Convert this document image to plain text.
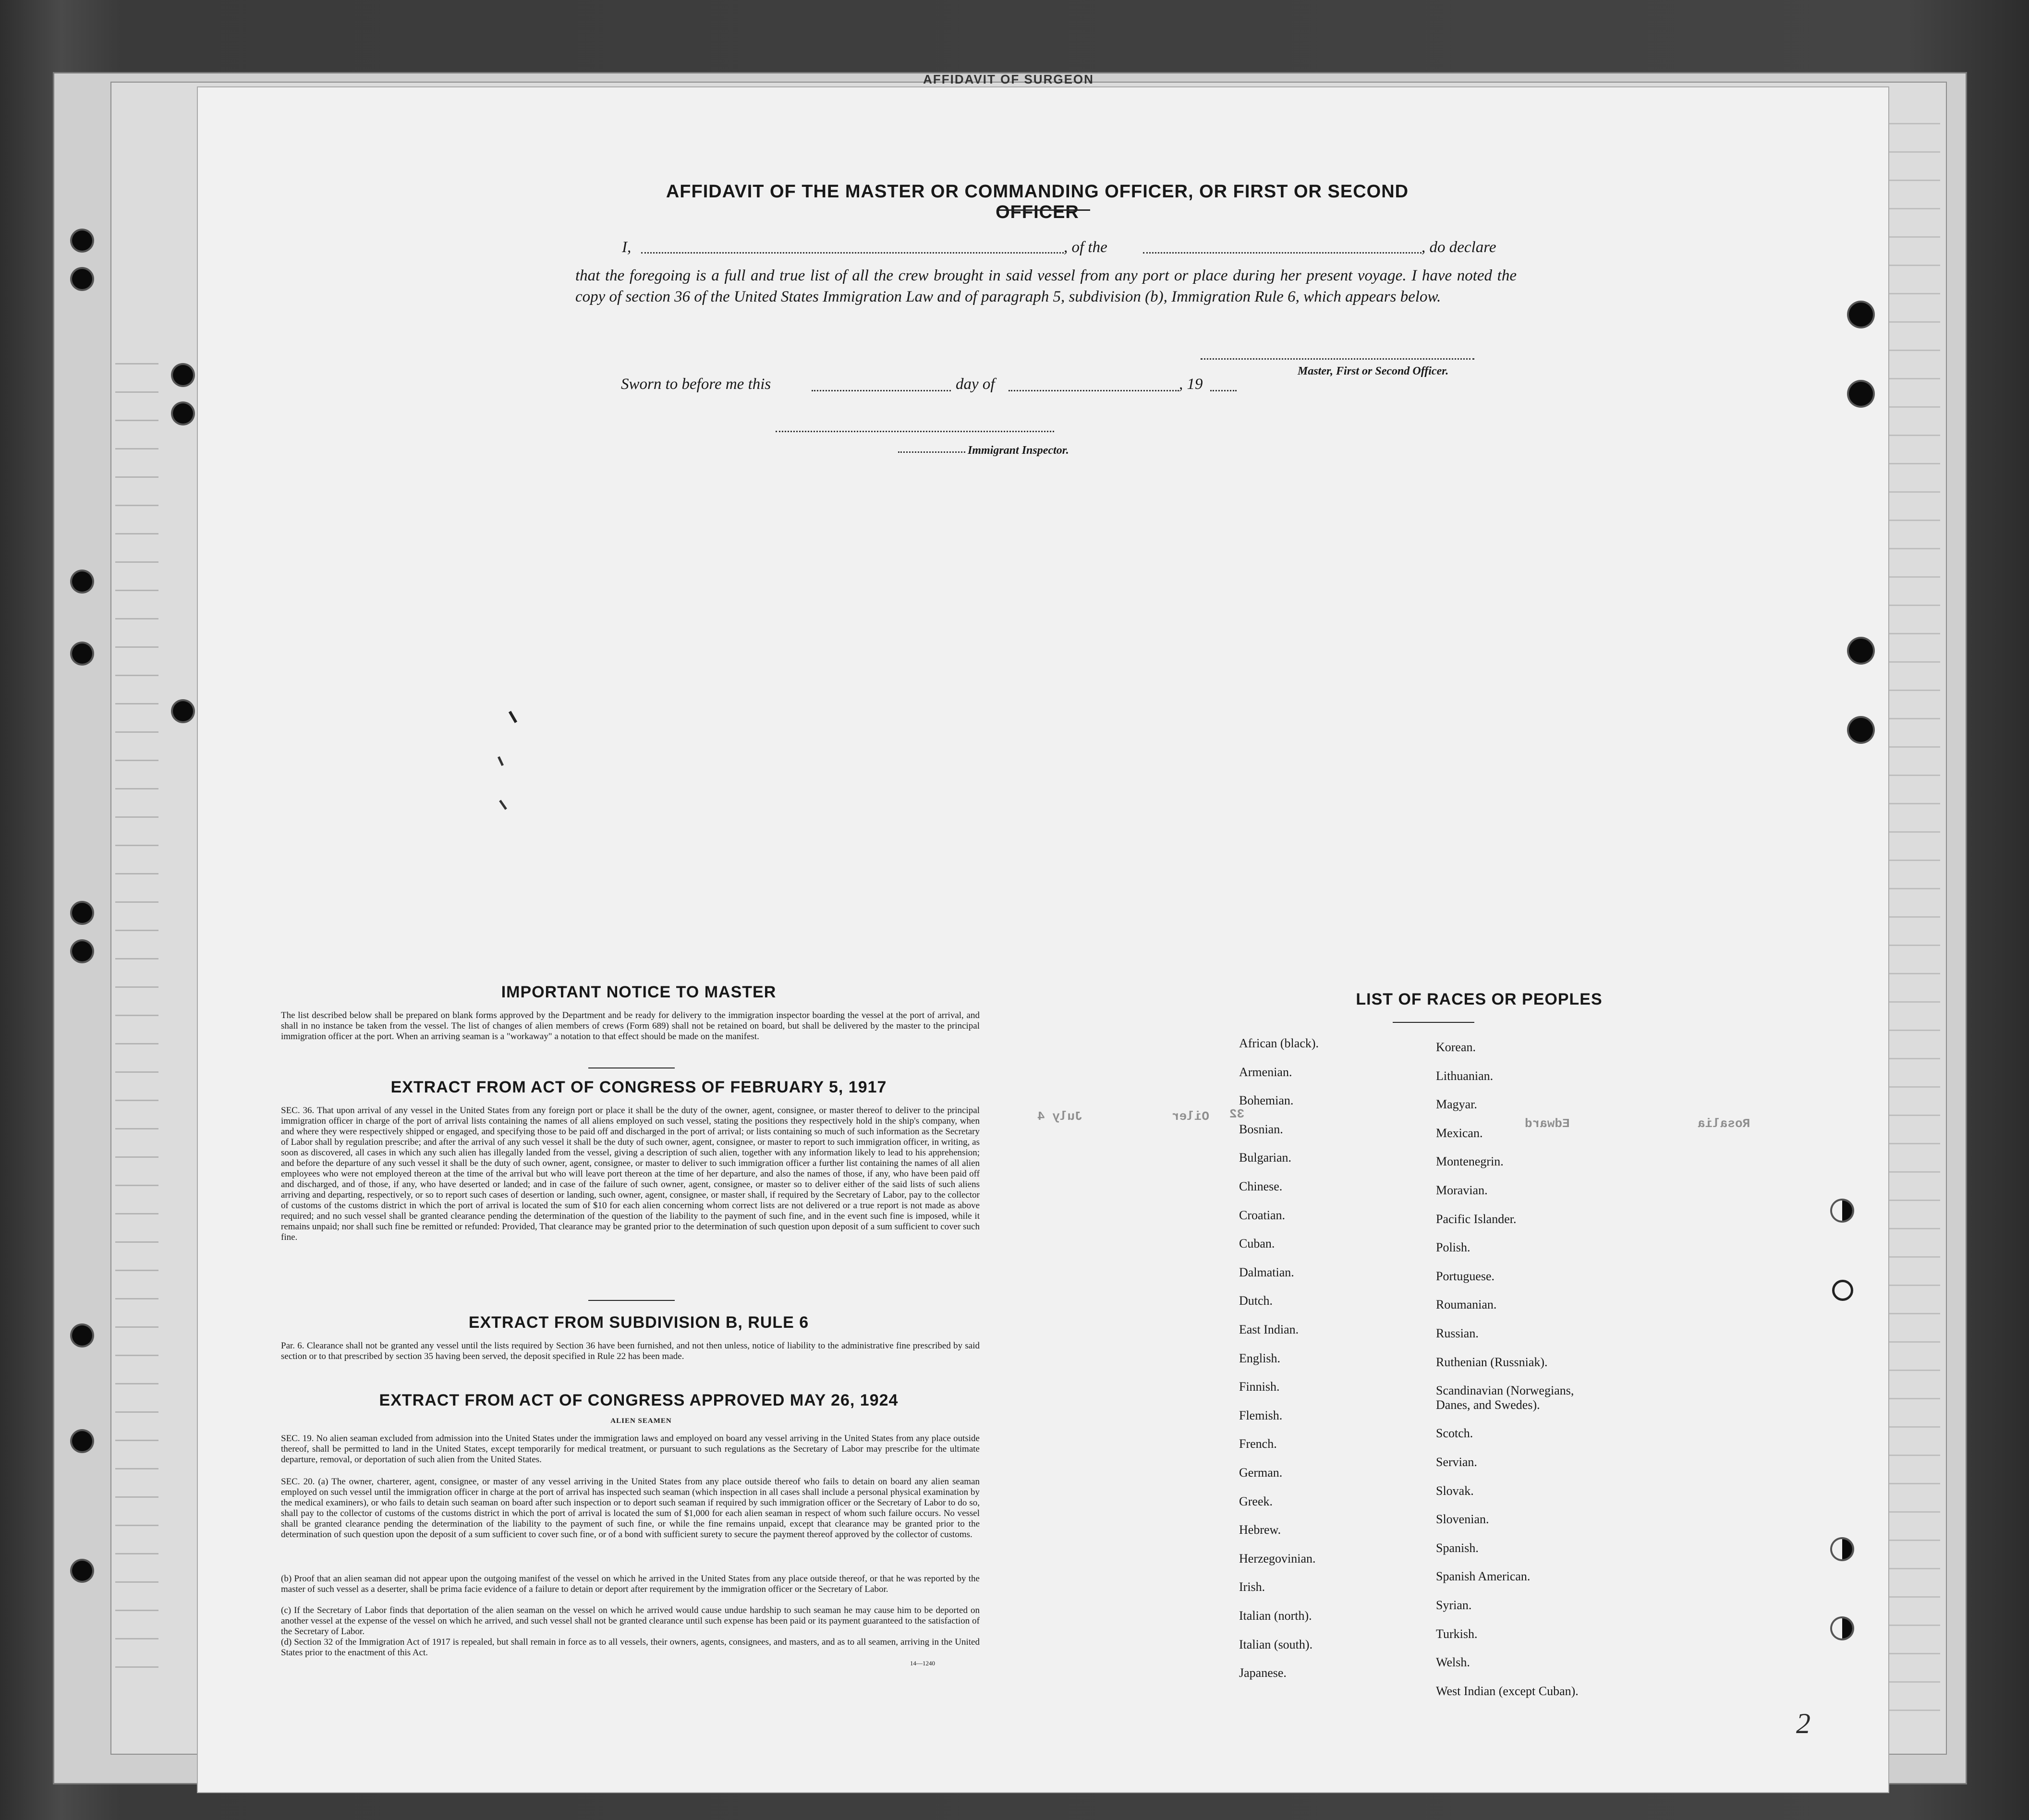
AFFIDAVIT OF SURGEON
AFFIDAVIT OF THE MASTER OR COMMANDING OFFICER, OR FIRST OR SECOND OFFICER
I,	, of the	, do declare
that the foregoing is a full and true list of all the crew brought in said vessel from any port or place during her present voyage. I have noted the copy of section 36 of the United States Immigration Law and of paragraph 5, subdivision (b), Immigration Rule 6, which appears below.
Master, First or Second Officer.
Sworn to before me this	day of	, 19
Immigrant Inspector.
IMPORTANT NOTICE TO MASTER
The list described below shall be prepared on blank forms approved by the Department and be ready for delivery to the immigration inspector boarding the vessel at the port of arrival, and shall in no instance be taken from the vessel. The list of changes of alien members of crews (Form 689) shall not be retained on board, but shall be delivered by the master to the principal immigration officer at the port. When an arriving seaman is a "workaway" a notation to that effect should be made on the manifest.
EXTRACT FROM ACT OF CONGRESS OF FEBRUARY 5, 1917
SEC. 36. That upon arrival of any vessel in the United States from any foreign port or place it shall be the duty of the owner, agent, consignee, or master thereof to deliver to the principal immigration officer in charge of the port of arrival lists containing the names of all aliens employed on such vessel, stating the positions they respectively hold in the ship's company, when and where they were respectively shipped or engaged, and specifying those to be paid off and discharged in the port of arrival; or lists containing so much of such information as the Secretary of Labor shall by regulation prescribe; and after the arrival of any such vessel it shall be the duty of such owner, agent, consignee, or master to report to such immigration officer, in writing, as soon as discovered, all cases in which any such alien has illegally landed from the vessel, giving a description of such alien, together with any information likely to lead to his apprehension; and before the departure of any such vessel it shall be the duty of such owner, agent, consignee, or master to deliver to such immigration officer a further list containing the names of all alien employees who were not employed thereon at the time of the arrival but who will leave port thereon at the time of her departure, and also the names of those, if any, who have been paid off and discharged, and of those, if any, who have deserted or landed; and in case of the failure of such owner, agent, consignee, or master so to deliver either of the said lists of such aliens arriving and departing, respectively, or so to report such cases of desertion or landing, such owner, agent, consignee, or master shall, if required by the Secretary of Labor, pay to the collector of customs of the customs district in which the port of arrival is located the sum of $10 for each alien concerning whom correct lists are not delivered or a true report is not made as above required; and no such vessel shall be granted clearance pending the determination of the question of the liability to the payment of such fine, and in the event such fine is imposed, while it remains unpaid; nor shall such fine be remitted or refunded: Provided, That clearance may be granted prior to the determination of such question upon deposit of a sum sufficient to cover such fine.
EXTRACT FROM SUBDIVISION B, RULE 6
Par. 6. Clearance shall not be granted any vessel until the lists required by Section 36 have been furnished, and not then unless, notice of liability to the administrative fine prescribed by said section or to that prescribed by section 35 having been served, the deposit specified in Rule 22 has been made.
EXTRACT FROM ACT OF CONGRESS APPROVED MAY 26, 1924
ALIEN SEAMEN
SEC. 19. No alien seaman excluded from admission into the United States under the immigration laws and employed on board any vessel arriving in the United States from any place outside thereof, shall be permitted to land in the United States, except temporarily for medical treatment, or pursuant to such regulations as the Secretary of Labor may prescribe for the ultimate departure, removal, or deportation of such alien from the United States.
SEC. 20. (a) The owner, charterer, agent, consignee, or master of any vessel arriving in the United States from any place outside thereof who fails to detain on board any alien seaman employed on such vessel until the immigration officer in charge at the port of arrival has inspected such seaman (which inspection in all cases shall include a personal physical examination by the medical examiners), or who fails to detain such seaman on board after such inspection or to deport such seaman if required by such immigration officer or the Secretary of Labor to do so, shall pay to the collector of customs of the customs district in which the port of arrival is located the sum of $1,000 for each alien seaman in respect of whom such failure occurs. No vessel shall be granted clearance pending the determination of the liability to the payment of such fine, or while the fine remains unpaid, except that clearance may be granted prior to the determination of such question upon the deposit of a sum sufficient to cover such fine, or of a bond with sufficient surety to secure the payment thereof approved by the collector of customs.
(b) Proof that an alien seaman did not appear upon the outgoing manifest of the vessel on which he arrived in the United States from any place outside thereof, or that he was reported by the master of such vessel as a deserter, shall be prima facie evidence of a failure to detain or deport after requirement by the immigration officer or the Secretary of Labor.
(c) If the Secretary of Labor finds that deportation of the alien seaman on the vessel on which he arrived would cause undue hardship to such seaman he may cause him to be deported on another vessel at the expense of the vessel on which he arrived, and such vessel shall not be granted clearance until such expense has been paid or its payment guaranteed to the satisfaction of the Secretary of Labor.
(d) Section 32 of the Immigration Act of 1917 is repealed, but shall remain in force as to all vessels, their owners, agents, consignees, and masters, and as to all seamen, arriving in the United States prior to the enactment of this Act.
14—1240
LIST OF RACES OR PEOPLES
July 4	Oiler 32
Edward	Rosalia
2
African (black).
Armenian.
Bohemian.
Bosnian.
Bulgarian.
Chinese.
Croatian.
Cuban.
Dalmatian.
Dutch.
East Indian.
English.
Finnish.
Flemish.
French.
German.
Greek.
Hebrew.
Herzegovinian.
Irish.
Italian (north).
Italian (south).
Japanese.
Korean.
Lithuanian.
Magyar.
Mexican.
Montenegrin.
Moravian.
Pacific Islander.
Polish.
Portuguese.
Roumanian.
Russian.
Ruthenian (Russniak).
Scandinavian (Norwegians,
Danes, and Swedes).
Scotch.
Servian.
Slovak.
Slovenian.
Spanish.
Spanish American.
Syrian.
Turkish.
Welsh.
West Indian (except Cuban).
